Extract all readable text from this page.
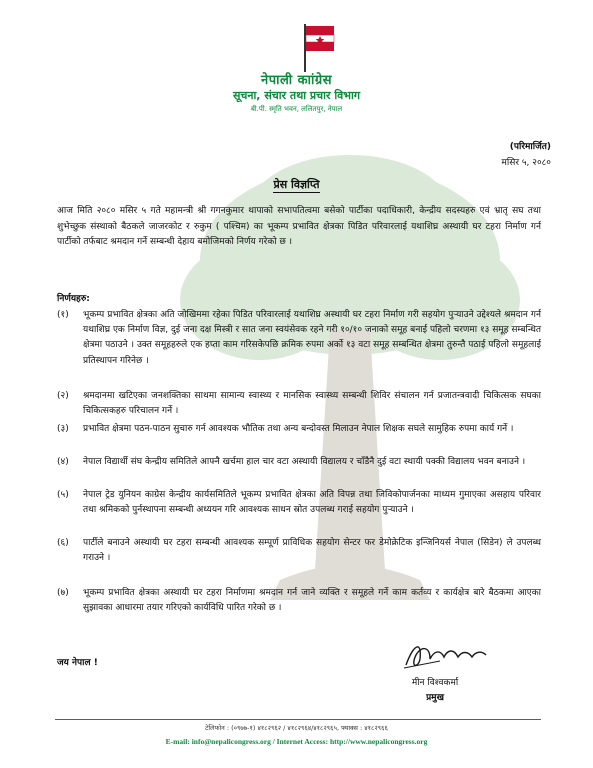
नेपाली काांग्रेस
सूचना, संचार तथा प्रचार विभाग
बी.पी. स्मृति भवन, ललितपुर, नेपाल
(परिमार्जित)
मसिर ५, २०८०
प्रेस विज्ञप्ति
आज मिति २०८० मसिर ५ गते महामन्त्री श्री गगनकुमार थापाको सभापतित्वमा बसेको पार्टीका पदाधिकारी, केन्द्रीय सदस्यहरु एवं भ्रातृ सघ तथा शुभेच्छुक संस्थाको बैठकले जाजरकोट र रुकुम ( पश्चिम) का भूकम्प प्रभावित क्षेत्रका पिडित परिवारलाई यथाशिघ्र अस्थायी घर टहरा निर्माण गर्न पार्टीको तर्फबाट श्रमदान गर्ने सम्बन्धी देहाय बमोजिमको निर्णय गरेको छ ।
निर्णयहरु:
(१) भूकम्प प्रभावित क्षेत्रका अति जोखिममा रहेका पिडित परिवारलाई यथाशिघ्र अस्थायी घर टहरा निर्माण गरी सहयोग पुऱ्याउने उद्देश्यले श्रमदान गर्न यथाशिघ्र एक निर्माण विज्ञ, दुई जना दक्ष मिस्त्री र सात जना स्वयंसेवक रहने गरी १०/१० जनाको समूह बनाई पहिलो चरणमा १३ समूह सम्बन्धित क्षेत्रमा पठाउने । उक्त समूहहरुले एक हप्ता काम गरिसकेपछि क्रमिक रुपमा अर्को १३ वटा समूह सम्बन्धित क्षेत्रमा तुरुन्तै पठाई पहिलो समूहलाई प्रतिस्थापन गरिनेछ ।
(२) श्रमदानमा खटिएका जनशक्तिका साथमा सामान्य स्वास्थ्य र मानसिक स्वास्थ्य सम्बन्धी शिविर संचालन गर्न प्रजातन्त्रवादी चिकित्सक सघका चिकित्सकहरु परिचालन गर्ने ।
(३) प्रभावित क्षेत्रमा पठन-पाठन सुचारु गर्न आवश्यक भौतिक तथा अन्य बन्दोवस्त मिलाउन नेपाल शिक्षक सघले सामुहिक रुपमा कार्य गर्ने ।
(४) नेपाल विद्यार्थी संघ केन्द्रीय समितिले आफ्नै खर्चमा हाल चार वटा अस्थायी विद्यालय र चाँडैनै दुई वटा स्थायी पक्की विद्यालय भवन बनाउने ।
(५) नेपाल ट्रेड युनियन काग्रेस केन्द्रीय कार्यसमितिले भूकम्प प्रभावित क्षेत्रका अति विपन्न तथा जिविकोपार्जनका माध्यम गुमाएका असहाय परिवार तथा श्रमिकको पुर्नस्थापना सम्बन्धी अध्ययन गरि आवश्यक साधन स्रोत उपलब्ध गराई सहयोग पुऱ्याउने ।
(६) पार्टीले बनाउने अस्थायी घर टहरा सम्बन्धी आवश्यक सम्पूर्ण प्राविधिक सहयोग सेन्टर फर डेमोक्रेटिक इन्जिनियर्स नेपाल (सिडेन) ले उपलब्ध गराउने ।
(७) भूकम्प प्रभावित क्षेत्रका अस्थायी घर टहरा निर्माणमा श्रमदान गर्न जाने व्यक्ति र समूहले गर्ने काम कर्तव्य र कार्यक्षेत्र बारे बैठकमा आएका सुझावका आधारमा तयार गरिएको कार्यविधि पारित गरेको छ ।
जय नेपाल !
मीन विश्वकर्मा
प्रमुख
टेलिफोन : (०९७७-१) ४१८२९६२ / ४१८२९६४/४१८२९६५, फ्याक्स : ४१८२९६६
E-mail: info@nepalicongress.org / Internet Access: http://www.nepalicongress.org
